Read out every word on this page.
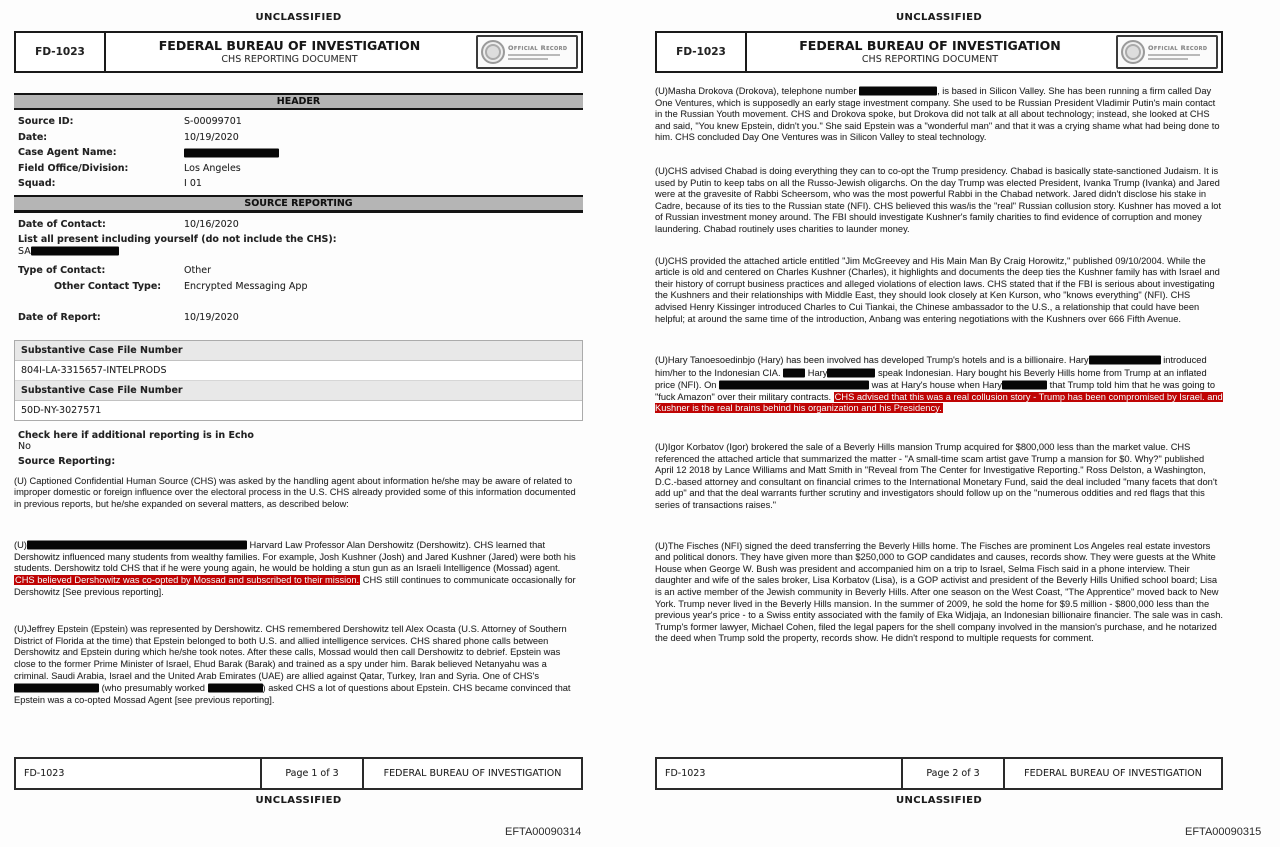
UNCLASSIFIED
FD-1023	FEDERAL BUREAU OF INVESTIGATION
CHS REPORTING DOCUMENT
Official Record
HEADER
Source ID:	S-00099701
Date:	10/19/2020
Case Agent Name:
Field Office/Division:	Los Angeles
Squad:	I 01
SOURCE REPORTING
Date of Contact:	10/16/2020
List all present including yourself (do not include the CHS):
SA
Type of Contact:	Other
Other Contact Type:	Encrypted Messaging App
Date of Report:	10/19/2020
Substantive Case File Number
804I-LA-3315657-INTELPRODS
Substantive Case File Number
50D-NY-3027571
Check here if additional reporting is in Echo
No
Source Reporting:

(U) Captioned Confidential Human Source (CHS) was asked by the handling agent about information he/she may be aware of related to improper domestic or foreign influence over the electoral process in the U.S. CHS already provided some of this information documented in previous reports, but he/she expanded on several matters, as described below:

(U)	Harvard Law Professor Alan Dershowitz (Dershowitz). CHS learned that Dershowitz influenced many students from wealthy families. For example, Josh Kushner (Josh) and Jared Kushner (Jared) were both his students. Dershowitz told CHS that if he were young again, he would be holding a stun gun as an Israeli Intelligence (Mossad) agent. CHS believed Dershowitz was co-opted by Mossad and subscribed to their mission. CHS still continues to communicate occasionally for Dershowitz [See previous reporting].

(U)Jeffrey Epstein (Epstein) was represented by Dershowitz. CHS remembered Dershowitz tell Alex Ocasta (U.S. Attorney of Southern District of Florida at the time) that Epstein belonged to both U.S. and allied intelligence services. CHS shared phone calls between Dershowitz and Epstein during which he/she took notes. After these calls, Mossad would then call Dershowitz to debrief. Epstein was close to the former Prime Minister of Israel, Ehud Barak (Barak) and trained as a spy under him. Barak believed Netanyahu was a criminal. Saudi Arabia, Israel and the United Arab Emirates (UAE) are allied against Qatar, Turkey, Iran and Syria. One of CHS's  (who presumably worked	) asked CHS a lot of questions about Epstein. CHS became convinced that Epstein was a co-opted Mossad Agent [see previous reporting].

FD-1023	Page 1 of 3	FEDERAL BUREAU OF INVESTIGATION
UNCLASSIFIED
UNCLASSIFIED
FD-1023	FEDERAL BUREAU OF INVESTIGATION
CHS REPORTING DOCUMENT
Official Record

(U)Masha Drokova (Drokova), telephone number	, is based in Silicon Valley. She has been running a firm called Day One Ventures, which is supposedly an early stage investment company. She used to be Russian President Vladimir Putin's main contact in the Russian Youth movement. CHS and Drokova spoke, but Drokova did not talk at all about technology; instead, she looked at CHS and said, "You knew Epstein, didn't you." She said Epstein was a "wonderful man" and that it was a crying shame what had being done to him. CHS concluded Day One Ventures was in Silicon Valley to steal technology.

(U)CHS advised Chabad is doing everything they can to co-opt the Trump presidency. Chabad is basically state-sanctioned Judaism. It is used by Putin to keep tabs on all the Russo-Jewish oligarchs. On the day Trump was elected President, Ivanka Trump (Ivanka) and Jared were at the gravesite of Rabbi Scheersom, who was the most powerful Rabbi in the Chabad network. Jared didn't disclose his stake in Cadre, because of its ties to the Russian state (NFI). CHS believed this was/is the "real" Russian collusion story. Kushner has moved a lot of Russian investment money around. The FBI should investigate Kushner's family charities to find evidence of corruption and money laundering. Chabad routinely uses charities to launder money.

(U)CHS provided the attached article entitled "Jim McGreevey and His Main Man By Craig Horowitz," published 09/10/2004. While the article is old and centered on Charles Kushner (Charles), it highlights and documents the deep ties the Kushner family has with Israel and their history of corrupt business practices and alleged violations of election laws. CHS stated that if the FBI is serious about investigating the Kushners and their relationships with Middle East, they should look closely at Ken Kurson, who "knows everything" (NFI). CHS advised Henry Kissinger introduced Charles to Cui Tiankai, the Chinese ambassador to the U.S., a relationship that could have been helpful; at around the same time of the introduction, Anbang was entering negotiations with the Kushners over 666 Fifth Avenue.

(U)Hary Tanoesoedinbjo (Hary) has been involved has developed Trump's hotels and is a billionaire. Hary	introduced him/her to the Indonesian CIA.  Hary	speak Indonesian. Hary bought his Beverly Hills home from Trump at an inflated price (NFI). On	was at Hary's house when Hary	that Trump told him that he was going to "fuck Amazon" over their military contracts. CHS advised that this was a real collusion story - Trump has been compromised by Israel. and Kushner is the real brains behind his organization and his Presidency.

(U)Igor Korbatov (Igor) brokered the sale of a Beverly Hills mansion Trump acquired for $800,000 less than the market value. CHS referenced the attached article that summarized the matter - "A small-time scam artist gave Trump a mansion for $0. Why?" published April 12 2018 by Lance Williams and Matt Smith in "Reveal from The Center for Investigative Reporting." Ross Delston, a Washington, D.C.-based attorney and consultant on financial crimes to the International Monetary Fund, said the deal included "many facets that don't add up" and that the deal warrants further scrutiny and investigators should follow up on the "numerous oddities and red flags that this series of transactions raises."

(U)The Fisches (NFI) signed the deed transferring the Beverly Hills home. The Fisches are prominent Los Angeles real estate investors and political donors. They have given more than $250,000 to GOP candidates and causes, records show. They were guests at the White House when George W. Bush was president and accompanied him on a trip to Israel, Selma Fisch said in a phone interview. Their daughter and wife of the sales broker, Lisa Korbatov (Lisa), is a GOP activist and president of the Beverly Hills Unified school board; Lisa is an active member of the Jewish community in Beverly Hills. After one season on the West Coast, "The Apprentice" moved back to New York. Trump never lived in the Beverly Hills mansion. In the summer of 2009, he sold the home for $9.5 million - $800,000 less than the previous year's price - to a Swiss entity associated with the family of Eka Widjaja, an Indonesian billionaire financier. The sale was in cash. Trump's former lawyer, Michael Cohen, filed the legal papers for the shell company involved in the mansion's purchase, and he notarized the deed when Trump sold the property, records show. He didn't respond to multiple requests for comment.

FD-1023	Page 2 of 3	FEDERAL BUREAU OF INVESTIGATION
UNCLASSIFIED
EFTA00090314	EFTA00090315
